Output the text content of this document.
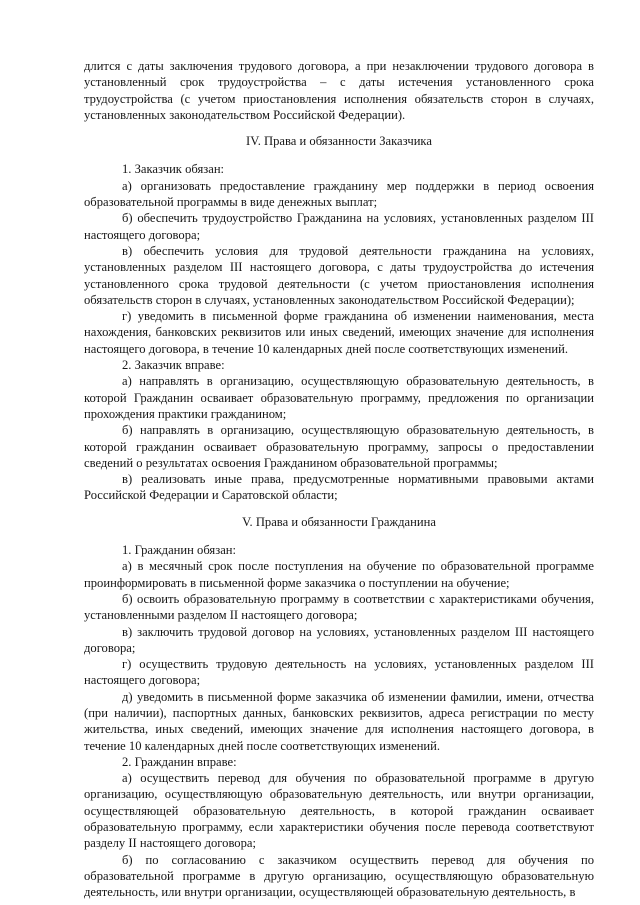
длится с даты заключения трудового договора, а при незаключении трудового договора в установленный срок трудоустройства – с даты истечения установленного срока трудоустройства (с учетом приостановления исполнения обязательств сторон в случаях, установленных законодательством Российской Федерации).

IV. Права и обязанности Заказчика

1. Заказчик обязан:

а) организовать предоставление гражданину мер поддержки в период освоения образовательной программы в виде денежных выплат;

б) обеспечить трудоустройство Гражданина на условиях, установленных разделом III настоящего договора;

в) обеспечить условия для трудовой деятельности гражданина на условиях, установленных разделом III настоящего договора, с даты трудоустройства до истечения установленного срока трудовой деятельности (с учетом приостановления исполнения обязательств сторон в случаях, установленных законодательством Российской Федерации);

г) уведомить в письменной форме гражданина об изменении наименования, места нахождения, банковских реквизитов или иных сведений, имеющих значение для исполнения настоящего договора, в течение 10 календарных дней после соответствующих изменений.

2. Заказчик вправе:

а) направлять в организацию, осуществляющую образовательную деятельность, в которой Гражданин осваивает образовательную программу, предложения по организации прохождения практики гражданином;

б) направлять в организацию, осуществляющую образовательную деятельность, в которой гражданин осваивает образовательную программу, запросы о предоставлении сведений о результатах освоения Гражданином образовательной программы;

в) реализовать иные права, предусмотренные нормативными правовыми актами Российской Федерации и Саратовской области;

V. Права и обязанности Гражданина

1. Гражданин обязан:

а) в месячный срок после поступления на обучение по образовательной программе проинформировать в письменной форме заказчика о поступлении на обучение;

б) освоить образовательную программу в соответствии с характеристиками обучения, установленными разделом II настоящего договора;

в) заключить трудовой договор на условиях, установленных разделом III настоящего договора;

г) осуществить трудовую деятельность на условиях, установленных разделом III настоящего договора;

д) уведомить в письменной форме заказчика об изменении фамилии, имени, отчества (при наличии), паспортных данных, банковских реквизитов, адреса регистрации по месту жительства, иных сведений, имеющих значение для исполнения настоящего договора, в течение 10 календарных дней после соответствующих изменений.

2. Гражданин вправе:

а) осуществить перевод для обучения по образовательной программе в другую организацию, осуществляющую образовательную деятельность, или внутри организации, осуществляющей образовательную деятельность, в которой гражданин осваивает образовательную программу, если характеристики обучения после перевода соответствуют разделу II настоящего договора;

б) по согласованию с заказчиком осуществить перевод для обучения по образовательной программе в другую организацию, осуществляющую образовательную деятельность, или внутри организации, осуществляющей образовательную деятельность, в
